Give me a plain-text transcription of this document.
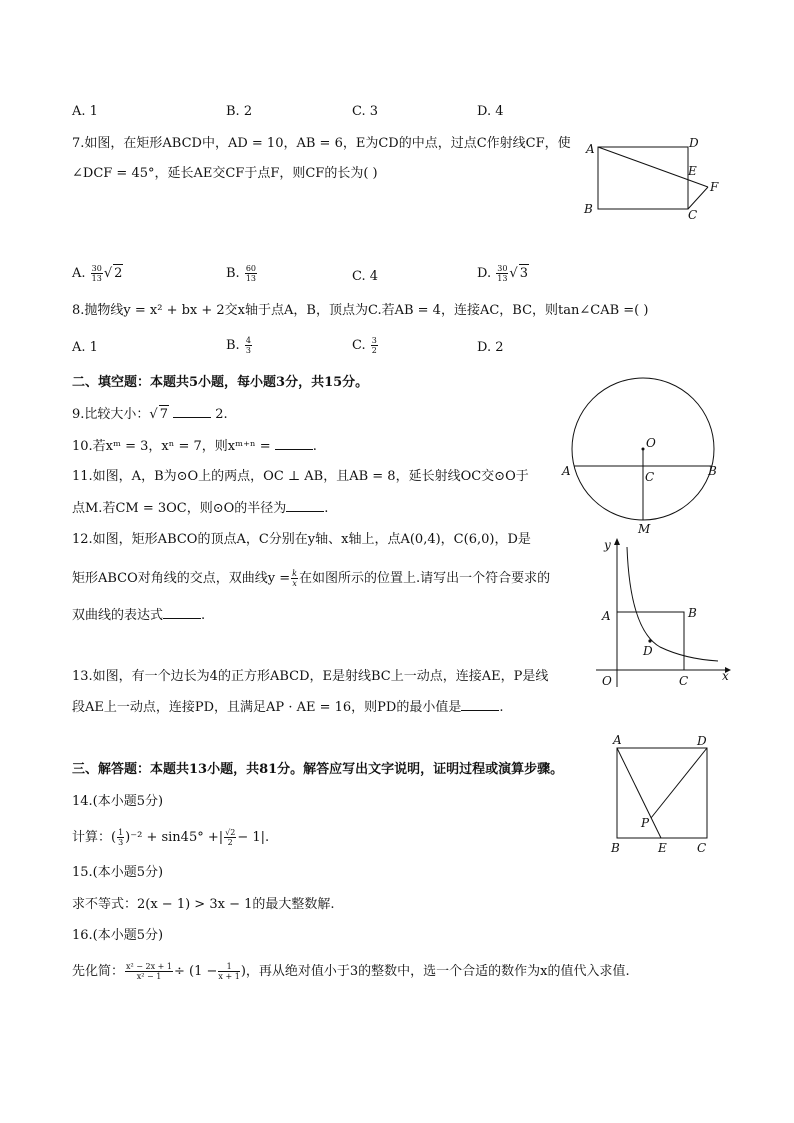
A. 1	B. 2	C. 3	D. 4
7.如图，在矩形ABCD中，AD = 10，AB = 6，E为CD的中点，过点C作射线CF，使
∠DCF = 45°，延长AE交CF于点F，则CF的长为( )
A
B	C
D
E
F
A. $\frac{30}{13}$ √ 2	B. $\frac{60}{13}$	C. 4	D. $\frac{30}{13}$ √ 3
8.抛物线y = x² + bx + 2交x轴于点A，B，顶点为C.若AB = 4，连接AC，BC，则tan∠CAB =( )
A. 1	B. $\frac{4}{3}$	C. $\frac{3}{2}$	D. 2
二、填空题：本题共5小题，每小题3分，共15分。
9.比较大小：√ 7	2.
10.若xᵐ = 3，xⁿ = 7，则xᵐ⁺ⁿ =	.
11.如图，A，B为⊙O上的两点，OC ⊥ AB，且AB = 8，延长射线OC交⊙O于
点M.若CM = 3OC，则⊙O的半径为	.
O
A	B
C
M
12.如图，矩形ABCO的顶点A，C分别在y轴、x轴上，点A(0,4)，C(6,0)，D是
矩形ABCO对角线的交点，双曲线$y = \frac{k}{x}$ 在如图所示的位置上.请写出一个符合要求的
双曲线的表达式	.
y
x
A	B
C
D
O
13.如图，有一个边长为4的正方形ABCD，E是射线BC上一动点，连接AE，P是线
段AE上一动点，连接PD，且满足AP · AE = 16，则PD的最小值是	.
A
B	C
D
E
P
三、解答题：本题共13小题，共81分。解答应写出文字说明，证明过程或演算步骤。
14.(本小题5分)
计算：( $\frac{1}{3} )^{-2} + \sin 45^\circ$ +| $\frac{√2}{2} - 1|$.
15.(本小题5分)
求不等式：2(x − 1) > 3x − 1的最大整数解.
16.(本小题5分)
先化简： $\frac{\text{x² − 2x + 1}}{\text{x² − 1}} \div (1 - \frac{1}{x + 1}$ )，再从绝对值小于3的整数中，选一个合适的数作为x的值代入求值.
